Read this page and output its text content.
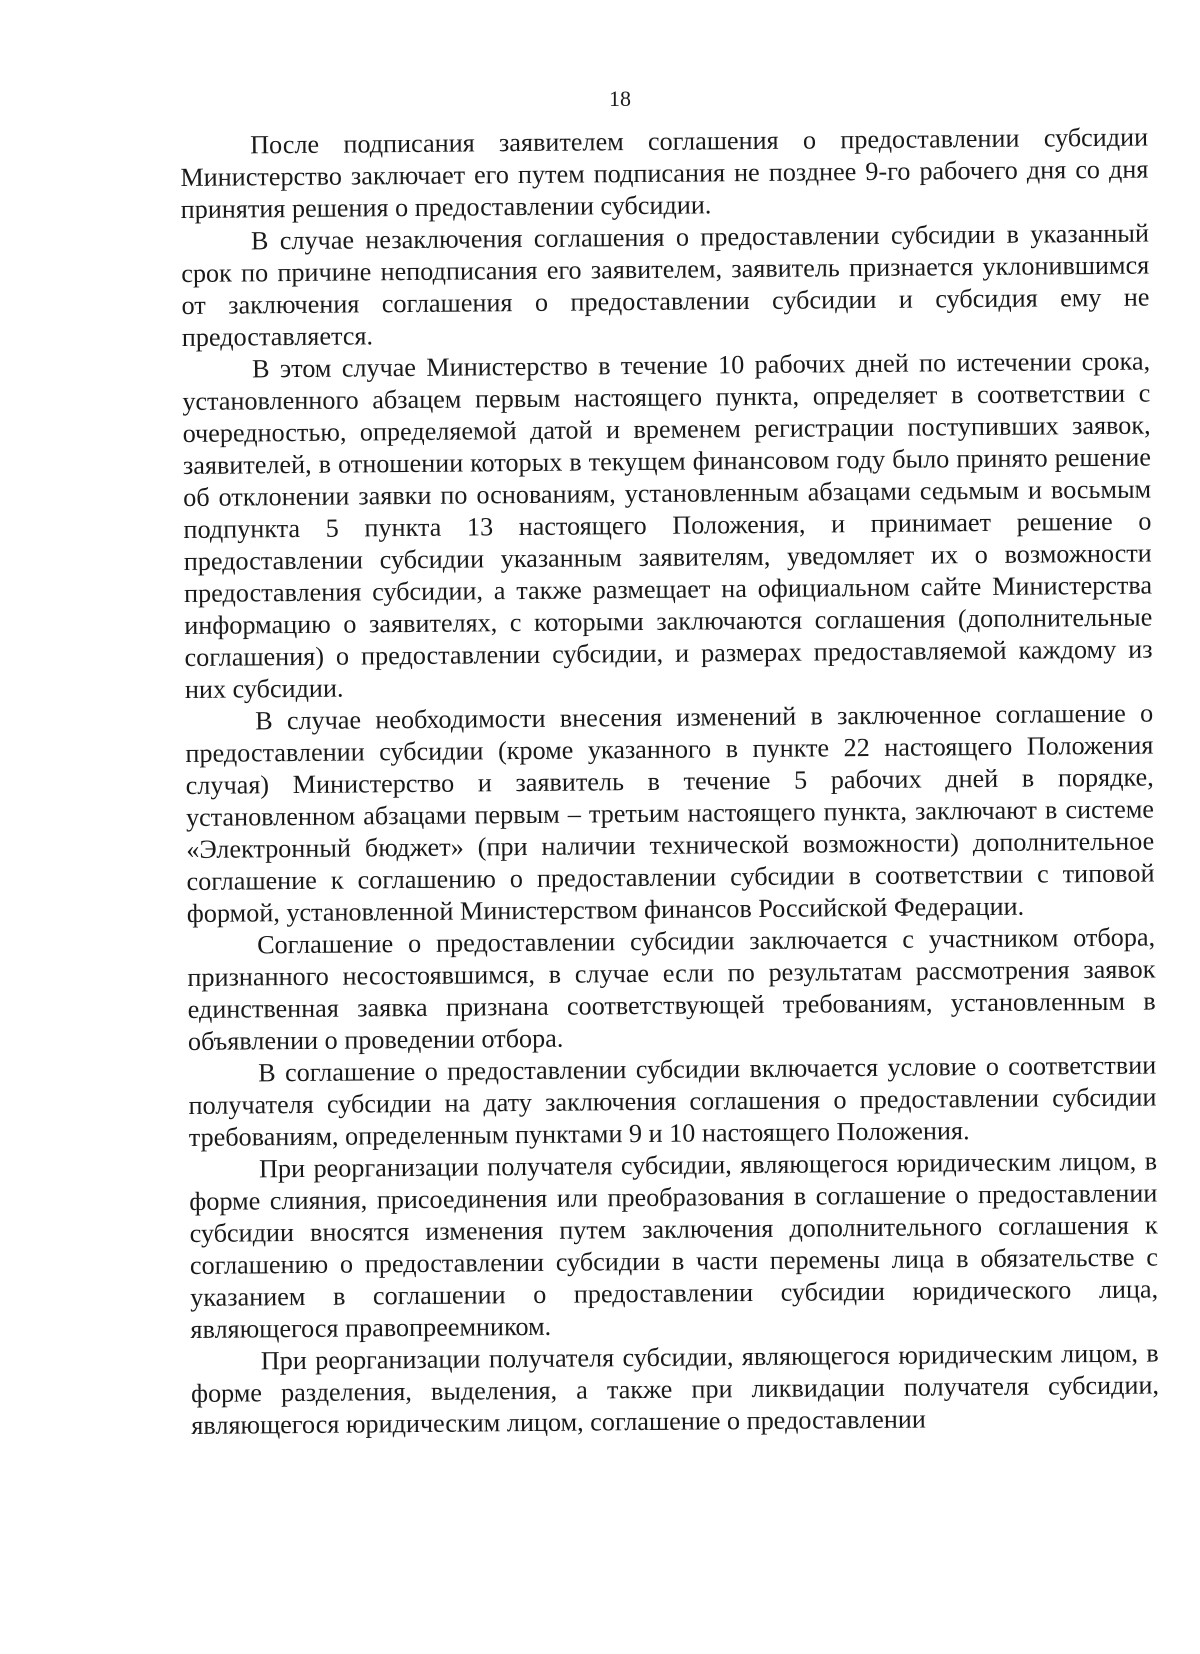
18

После подписания заявителем соглашения о предоставлении субсидии Министерство заключает его путем подписания не позднее 9-го рабочего дня со дня принятия решения о предоставлении субсидии.

В случае незаключения соглашения о предоставлении субсидии в указанный срок по причине неподписания его заявителем, заявитель признается уклонившимся от заключения соглашения о предоставлении субсидии и субсидия ему не предоставляется.

В этом случае Министерство в течение 10 рабочих дней по истечении срока, установленного абзацем первым настоящего пункта, определяет в соответствии с очередностью, определяемой датой и временем регистрации поступивших заявок, заявителей, в отношении которых в текущем финансовом году было принято решение об отклонении заявки по основаниям, установленным абзацами седьмым и восьмым подпункта 5 пункта 13 настоящего Положения, и принимает решение о предоставлении субсидии указанным заявителям, уведомляет их о возможности предоставления субсидии, а также размещает на официальном сайте Министерства информацию о заявителях, с которыми заключаются соглашения (дополнительные соглашения) о предоставлении субсидии, и размерах предоставляемой каждому из них субсидии.

В случае необходимости внесения изменений в заключенное соглашение о предоставлении субсидии (кроме указанного в пункте 22 настоящего Положения случая) Министерство и заявитель в течение 5 рабочих дней в порядке, установленном абзацами первым – третьим настоящего пункта, заключают в системе «Электронный бюджет» (при наличии технической возможности) дополнительное соглашение к соглашению о предоставлении субсидии в соответствии с типовой формой, установленной Министерством финансов Российской Федерации.

Соглашение о предоставлении субсидии заключается с участником отбора, признанного несостоявшимся, в случае если по результатам рассмотрения заявок единственная заявка признана соответствующей требованиям, установленным в объявлении о проведении отбора.

В соглашение о предоставлении субсидии включается условие о соответствии получателя субсидии на дату заключения соглашения о предоставлении субсидии требованиям, определенным пунктами 9 и 10 настоящего Положения.

При реорганизации получателя субсидии, являющегося юридическим лицом, в форме слияния, присоединения или преобразования в соглашение о предоставлении субсидии вносятся изменения путем заключения дополнительного соглашения к соглашению о предоставлении субсидии в части перемены лица в обязательстве с указанием в соглашении о предоставлении субсидии юридического лица, являющегося правопреемником.

При реорганизации получателя субсидии, являющегося юридическим лицом, в форме разделения, выделения, а также при ликвидации получателя субсидии, являющегося юридическим лицом, соглашение о предоставлении
